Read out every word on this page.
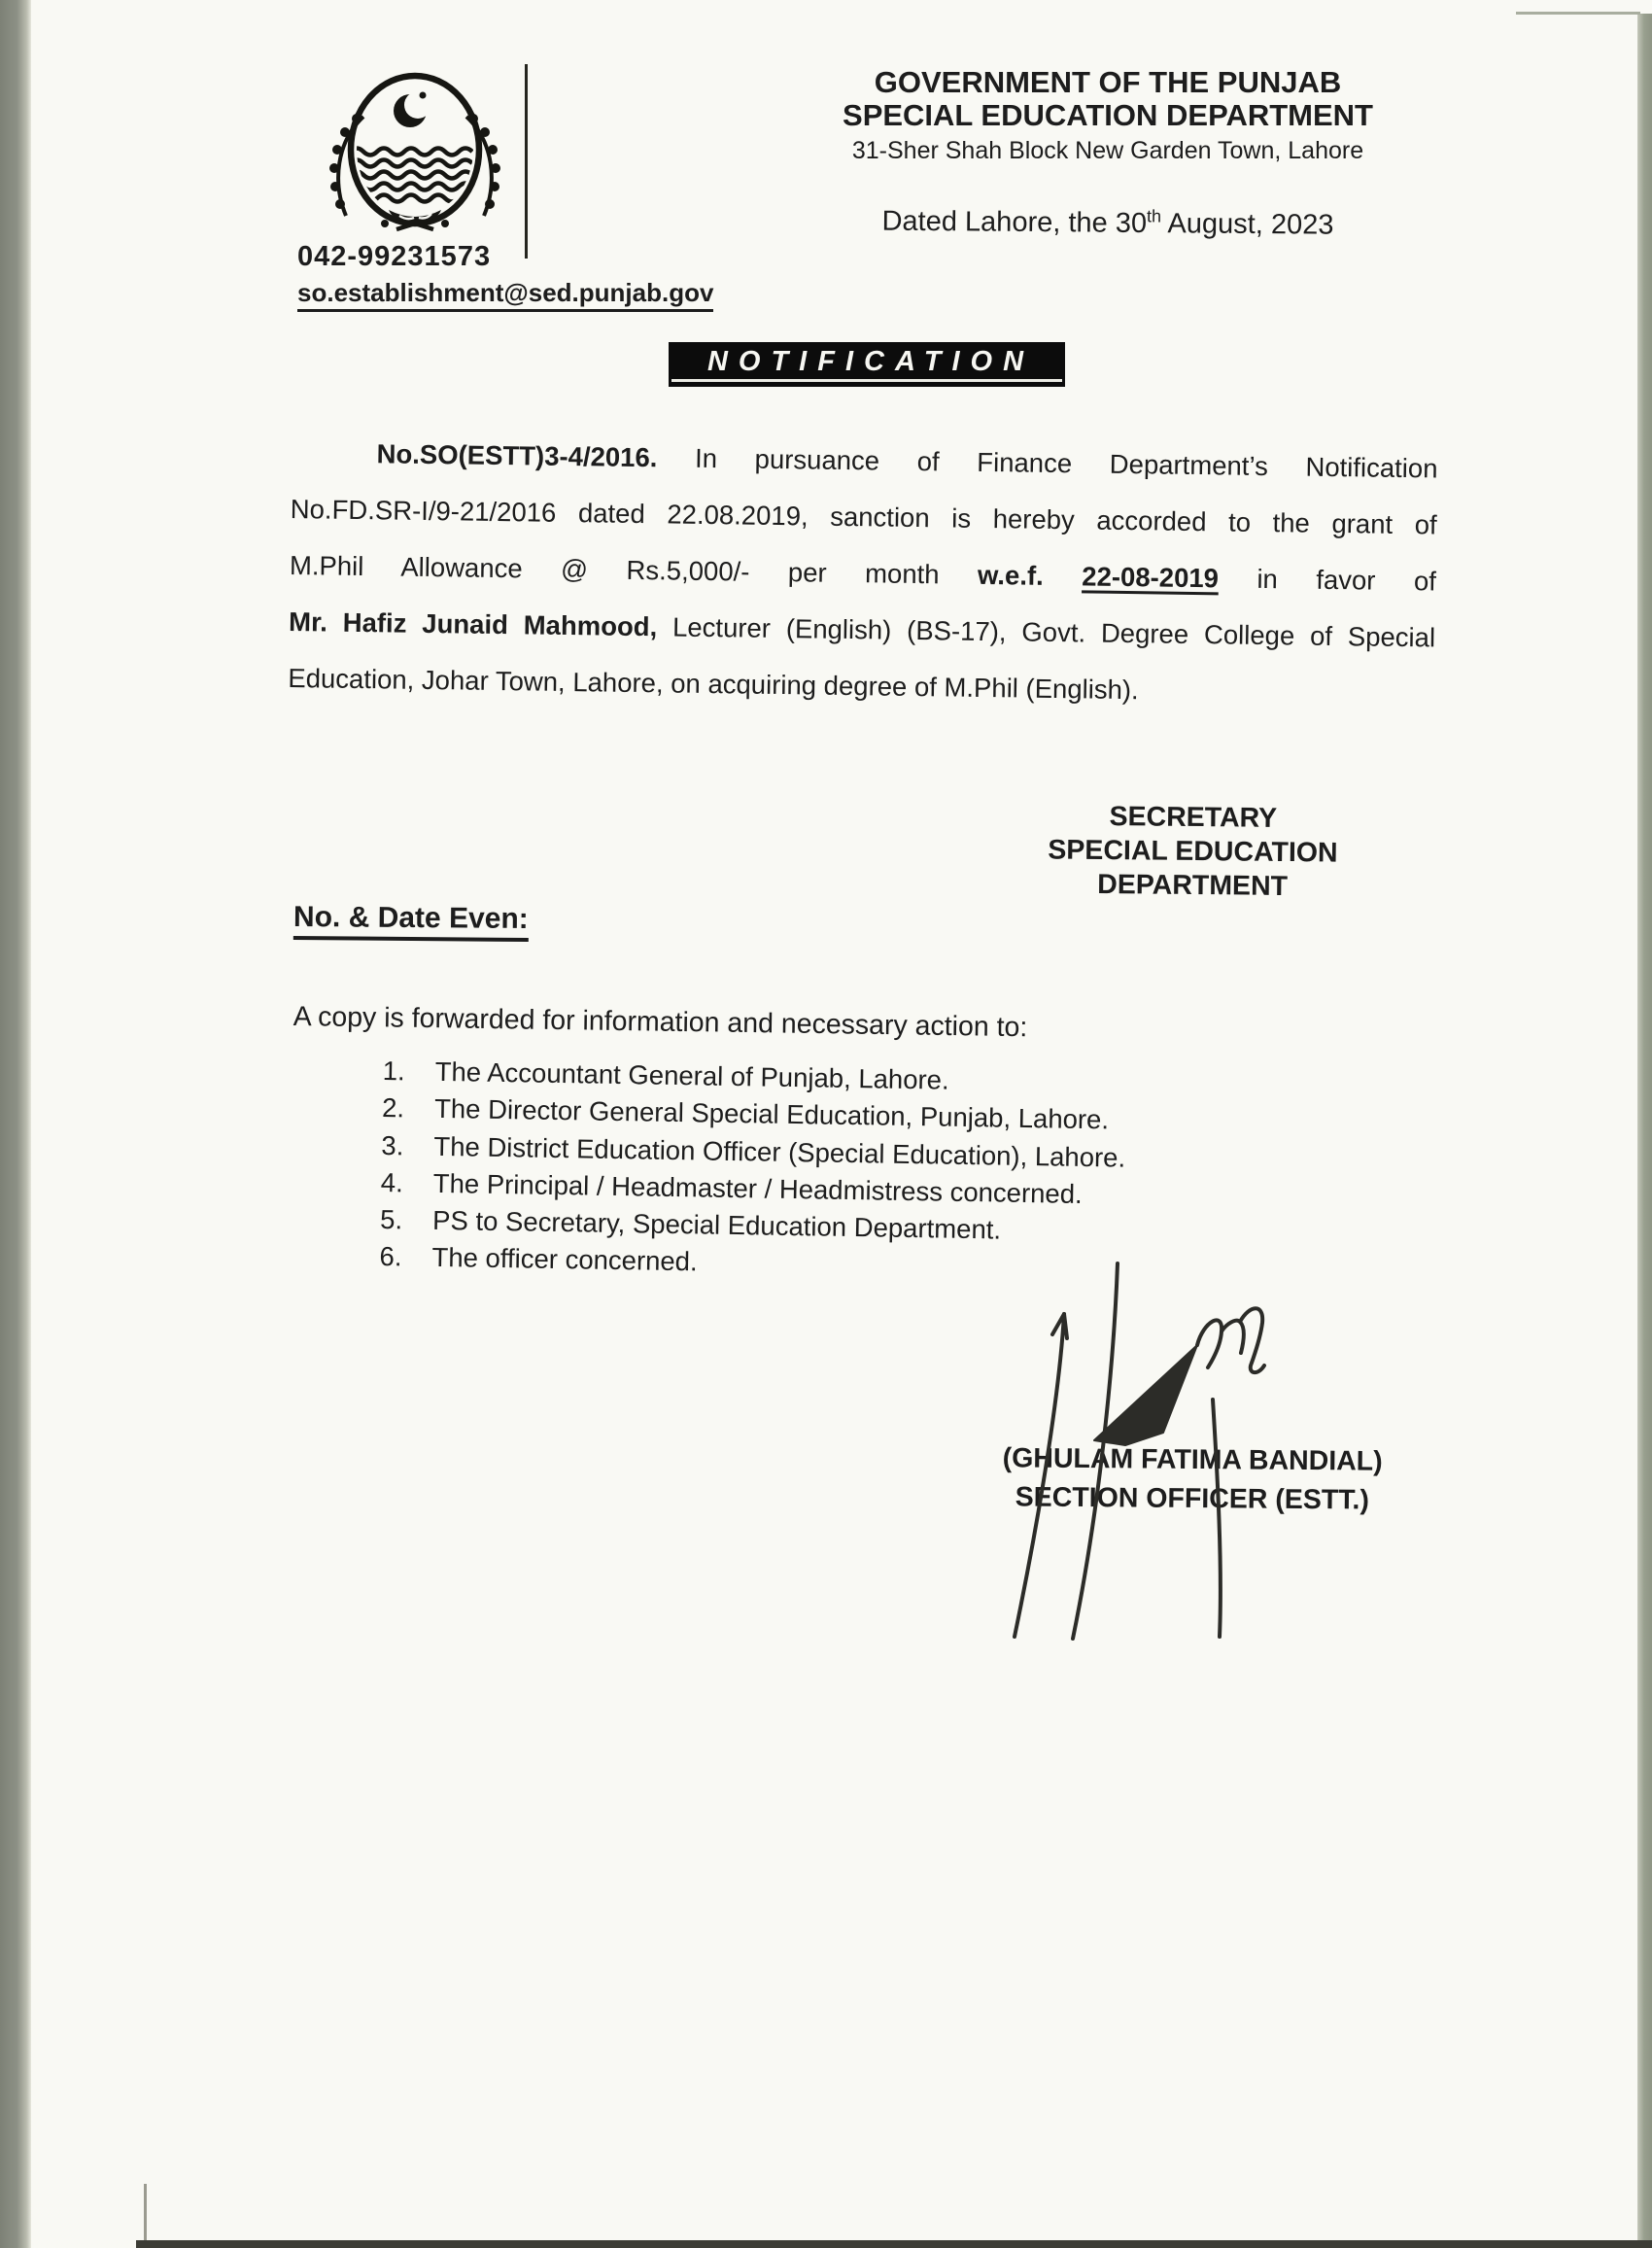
042-99231573
so.establishment@sed.punjab.gov
GOVERNMENT OF THE PUNJAB
SPECIAL EDUCATION DEPARTMENT
31-Sher Shah Block New Garden Town, Lahore
Dated Lahore, the 30th August, 2023
NOTIFICATION
No.SO(ESTT)3-4/2016. In pursuance of Finance Department’s Notification
No.FD.SR-I/9-21/2016 dated 22.08.2019, sanction is hereby accorded to the grant of
M.Phil Allowance @ Rs.5,000/- per month w.e.f. 22-08-2019 in favor of
Mr. Hafiz Junaid Mahmood, Lecturer (English) (BS-17), Govt. Degree College of Special
Education, Johar Town, Lahore, on acquiring degree of M.Phil (English).
SECRETARY
SPECIAL EDUCATION
DEPARTMENT
No. & Date Even:
A copy is forwarded for information and necessary action to:
1.	The Accountant General of Punjab, Lahore.
2.	The Director General Special Education, Punjab, Lahore.
3.	The District Education Officer (Special Education), Lahore.
4.	The Principal / Headmaster / Headmistress concerned.
5.	PS to Secretary, Special Education Department.
6.	The officer concerned.
(GHULAM FATIMA BANDIAL)
SECTION OFFICER (ESTT.)
